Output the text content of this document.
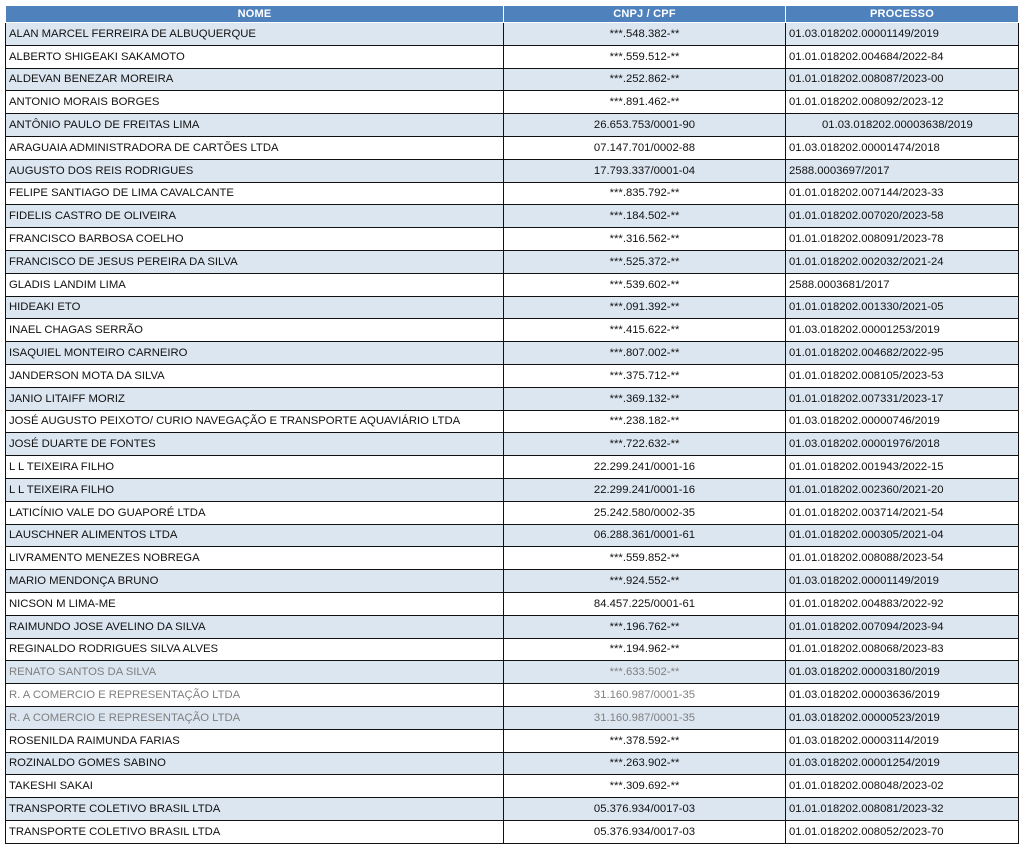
NOME	CNPJ / CPF	PROCESSO
ALAN MARCEL FERREIRA DE ALBUQUERQUE	***.548.382-**	01.03.018202.00001149/2019
ALBERTO SHIGEAKI SAKAMOTO	***.559.512-**	01.01.018202.004684/2022-84
ALDEVAN BENEZAR MOREIRA	***.252.862-**	01.01.018202.008087/2023-00
ANTONIO MORAIS BORGES	***.891.462-**	01.01.018202.008092/2023-12
ANTÔNIO PAULO DE FREITAS LIMA	26.653.753/0001-90	01.03.018202.00003638/2019
ARAGUAIA ADMINISTRADORA DE CARTÕES LTDA	07.147.701/0002-88	01.03.018202.00001474/2018
AUGUSTO DOS REIS RODRIGUES	17.793.337/0001-04	2588.0003697/2017
FELIPE SANTIAGO DE LIMA CAVALCANTE	***.835.792-**	01.01.018202.007144/2023-33
FIDELIS CASTRO DE OLIVEIRA	***.184.502-**	01.01.018202.007020/2023-58
FRANCISCO BARBOSA COELHO	***.316.562-**	01.01.018202.008091/2023-78
FRANCISCO DE JESUS PEREIRA DA SILVA	***.525.372-**	01.01.018202.002032/2021-24
GLADIS LANDIM LIMA	***.539.602-**	2588.0003681/2017
HIDEAKI ETO	***.091.392-**	01.01.018202.001330/2021-05
INAEL CHAGAS SERRÃO	***.415.622-**	01.03.018202.00001253/2019
ISAQUIEL MONTEIRO CARNEIRO	***.807.002-**	01.01.018202.004682/2022-95
JANDERSON MOTA DA SILVA	***.375.712-**	01.01.018202.008105/2023-53
JANIO LITAIFF MORIZ	***.369.132-**	01.01.018202.007331/2023-17
JOSÉ AUGUSTO PEIXOTO/ CURIO NAVEGAÇÃO E TRANSPORTE AQUAVIÁRIO LTDA	***.238.182-**	01.03.018202.00000746/2019
JOSÉ DUARTE DE FONTES	***.722.632-**	01.03.018202.00001976/2018
L L TEIXEIRA FILHO	22.299.241/0001-16	01.01.018202.001943/2022-15
L L TEIXEIRA FILHO	22.299.241/0001-16	01.01.018202.002360/2021-20
LATICÍNIO VALE DO GUAPORÉ LTDA	25.242.580/0002-35	01.01.018202.003714/2021-54
LAUSCHNER ALIMENTOS LTDA	06.288.361/0001-61	01.01.018202.000305/2021-04
LIVRAMENTO MENEZES NOBREGA	***.559.852-**	01.01.018202.008088/2023-54
MARIO MENDONÇA BRUNO	***.924.552-**	01.03.018202.00001149/2019
NICSON M LIMA-ME	84.457.225/0001-61	01.01.018202.004883/2022-92
RAIMUNDO JOSE AVELINO DA SILVA	***.196.762-**	01.01.018202.007094/2023-94
REGINALDO RODRIGUES SILVA ALVES	***.194.962-**	01.01.018202.008068/2023-83
RENATO SANTOS DA SILVA	***.633.502-**	01.03.018202.00003180/2019
R. A COMERCIO E REPRESENTAÇÃO LTDA	31.160.987/0001-35	01.03.018202.00003636/2019
R. A COMERCIO E REPRESENTAÇÃO LTDA	31.160.987/0001-35	01.03.018202.00000523/2019
ROSENILDA RAIMUNDA FARIAS	***.378.592-**	01.03.018202.00003114/2019
ROZINALDO GOMES SABINO	***.263.902-**	01.03.018202.00001254/2019
TAKESHI SAKAI	***.309.692-**	01.01.018202.008048/2023-02
TRANSPORTE COLETIVO BRASIL LTDA	05.376.934/0017-03	01.01.018202.008081/2023-32
TRANSPORTE COLETIVO BRASIL LTDA	05.376.934/0017-03	01.01.018202.008052/2023-70
